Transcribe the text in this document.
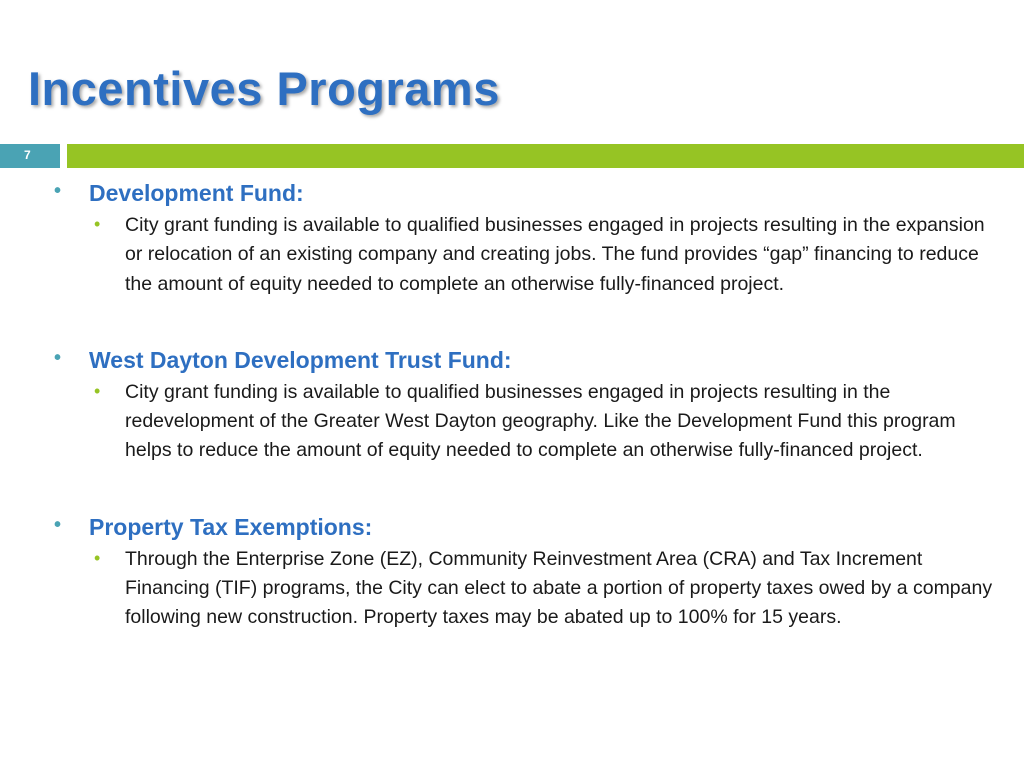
Incentives Programs
7
• Development Fund:
• City grant funding is available to qualified businesses engaged in projects resulting in the expansion or relocation of an existing company and creating jobs. The fund provides “gap” financing to reduce the amount of equity needed to complete an otherwise fully-financed project.
• West Dayton Development Trust Fund:
• City grant funding is available to qualified businesses engaged in projects resulting in the redevelopment of the Greater West Dayton geography. Like the Development Fund this program helps to reduce the amount of equity needed to complete an otherwise fully-financed project.
• Property Tax Exemptions:
• Through the Enterprise Zone (EZ), Community Reinvestment Area (CRA) and Tax Increment Financing (TIF) programs, the City can elect to abate a portion of property taxes owed by a company following new construction. Property taxes may be abated up to 100% for 15 years.
